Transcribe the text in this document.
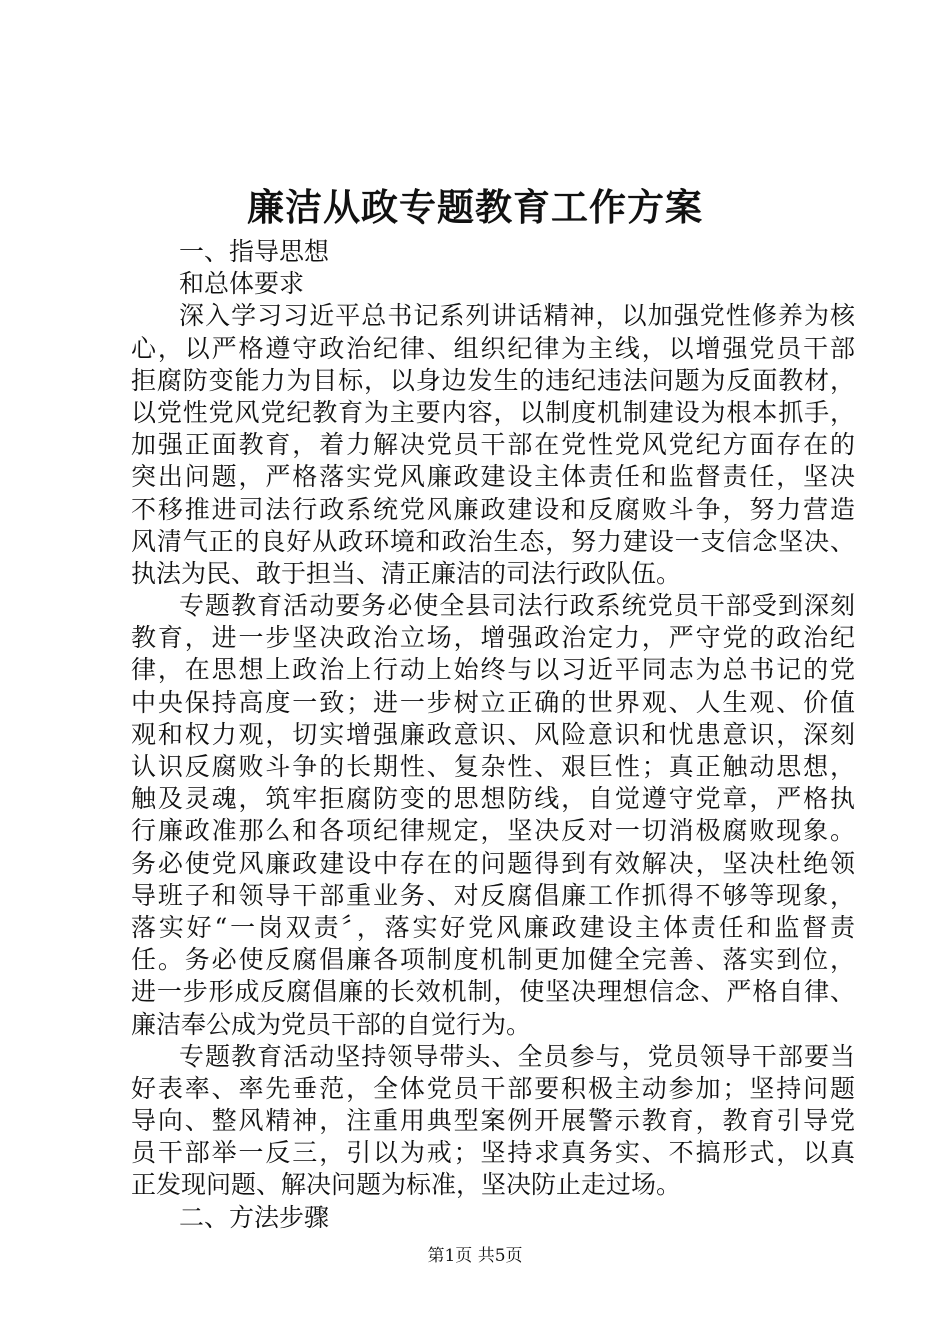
廉洁从政专题教育工作方案
一、指导思想
和总体要求
深入学习习近平总书记系列讲话精神，以加强党性修养为核
心，以严格遵守政治纪律、组织纪律为主线，以增强党员干部
拒腐防变能力为目标，以身边发生的违纪违法问题为反面教材，
以党性党风党纪教育为主要内容，以制度机制建设为根本抓手，
加强正面教育，着力解决党员干部在党性党风党纪方面存在的
突出问题，严格落实党风廉政建设主体责任和监督责任，坚决
不移推进司法行政系统党风廉政建设和反腐败斗争，努力营造
风清气正的良好从政环境和政治生态，努力建设一支信念坚决、
执法为民、敢于担当、清正廉洁的司法行政队伍。
专题教育活动要务必使全县司法行政系统党员干部受到深刻
教育，进一步坚决政治立场，增强政治定力，严守党的政治纪
律，在思想上政治上行动上始终与以习近平同志为总书记的党
中央保持高度一致；进一步树立正确的世界观、人生观、价值
观和权力观，切实增强廉政意识、风险意识和忧患意识，深刻
认识反腐败斗争的长期性、复杂性、艰巨性；真正触动思想，
触及灵魂，筑牢拒腐防变的思想防线，自觉遵守党章，严格执
行廉政准那么和各项纪律规定，坚决反对一切消极腐败现象。
务必使党风廉政建设中存在的问题得到有效解决，坚决杜绝领
导班子和领导干部重业务、对反腐倡廉工作抓得不够等现象，
落实好“一岗双责〞，落实好党风廉政建设主体责任和监督责
任。务必使反腐倡廉各项制度机制更加健全完善、落实到位，
进一步形成反腐倡廉的长效机制，使坚决理想信念、严格自律、
廉洁奉公成为党员干部的自觉行为。
专题教育活动坚持领导带头、全员参与，党员领导干部要当
好表率、率先垂范，全体党员干部要积极主动参加；坚持问题
导向、整风精神，注重用典型案例开展警示教育，教育引导党
员干部举一反三，引以为戒；坚持求真务实、不搞形式，以真
正发现问题、解决问题为标准，坚决防止走过场。
二、方法步骤
第1页 共5页
